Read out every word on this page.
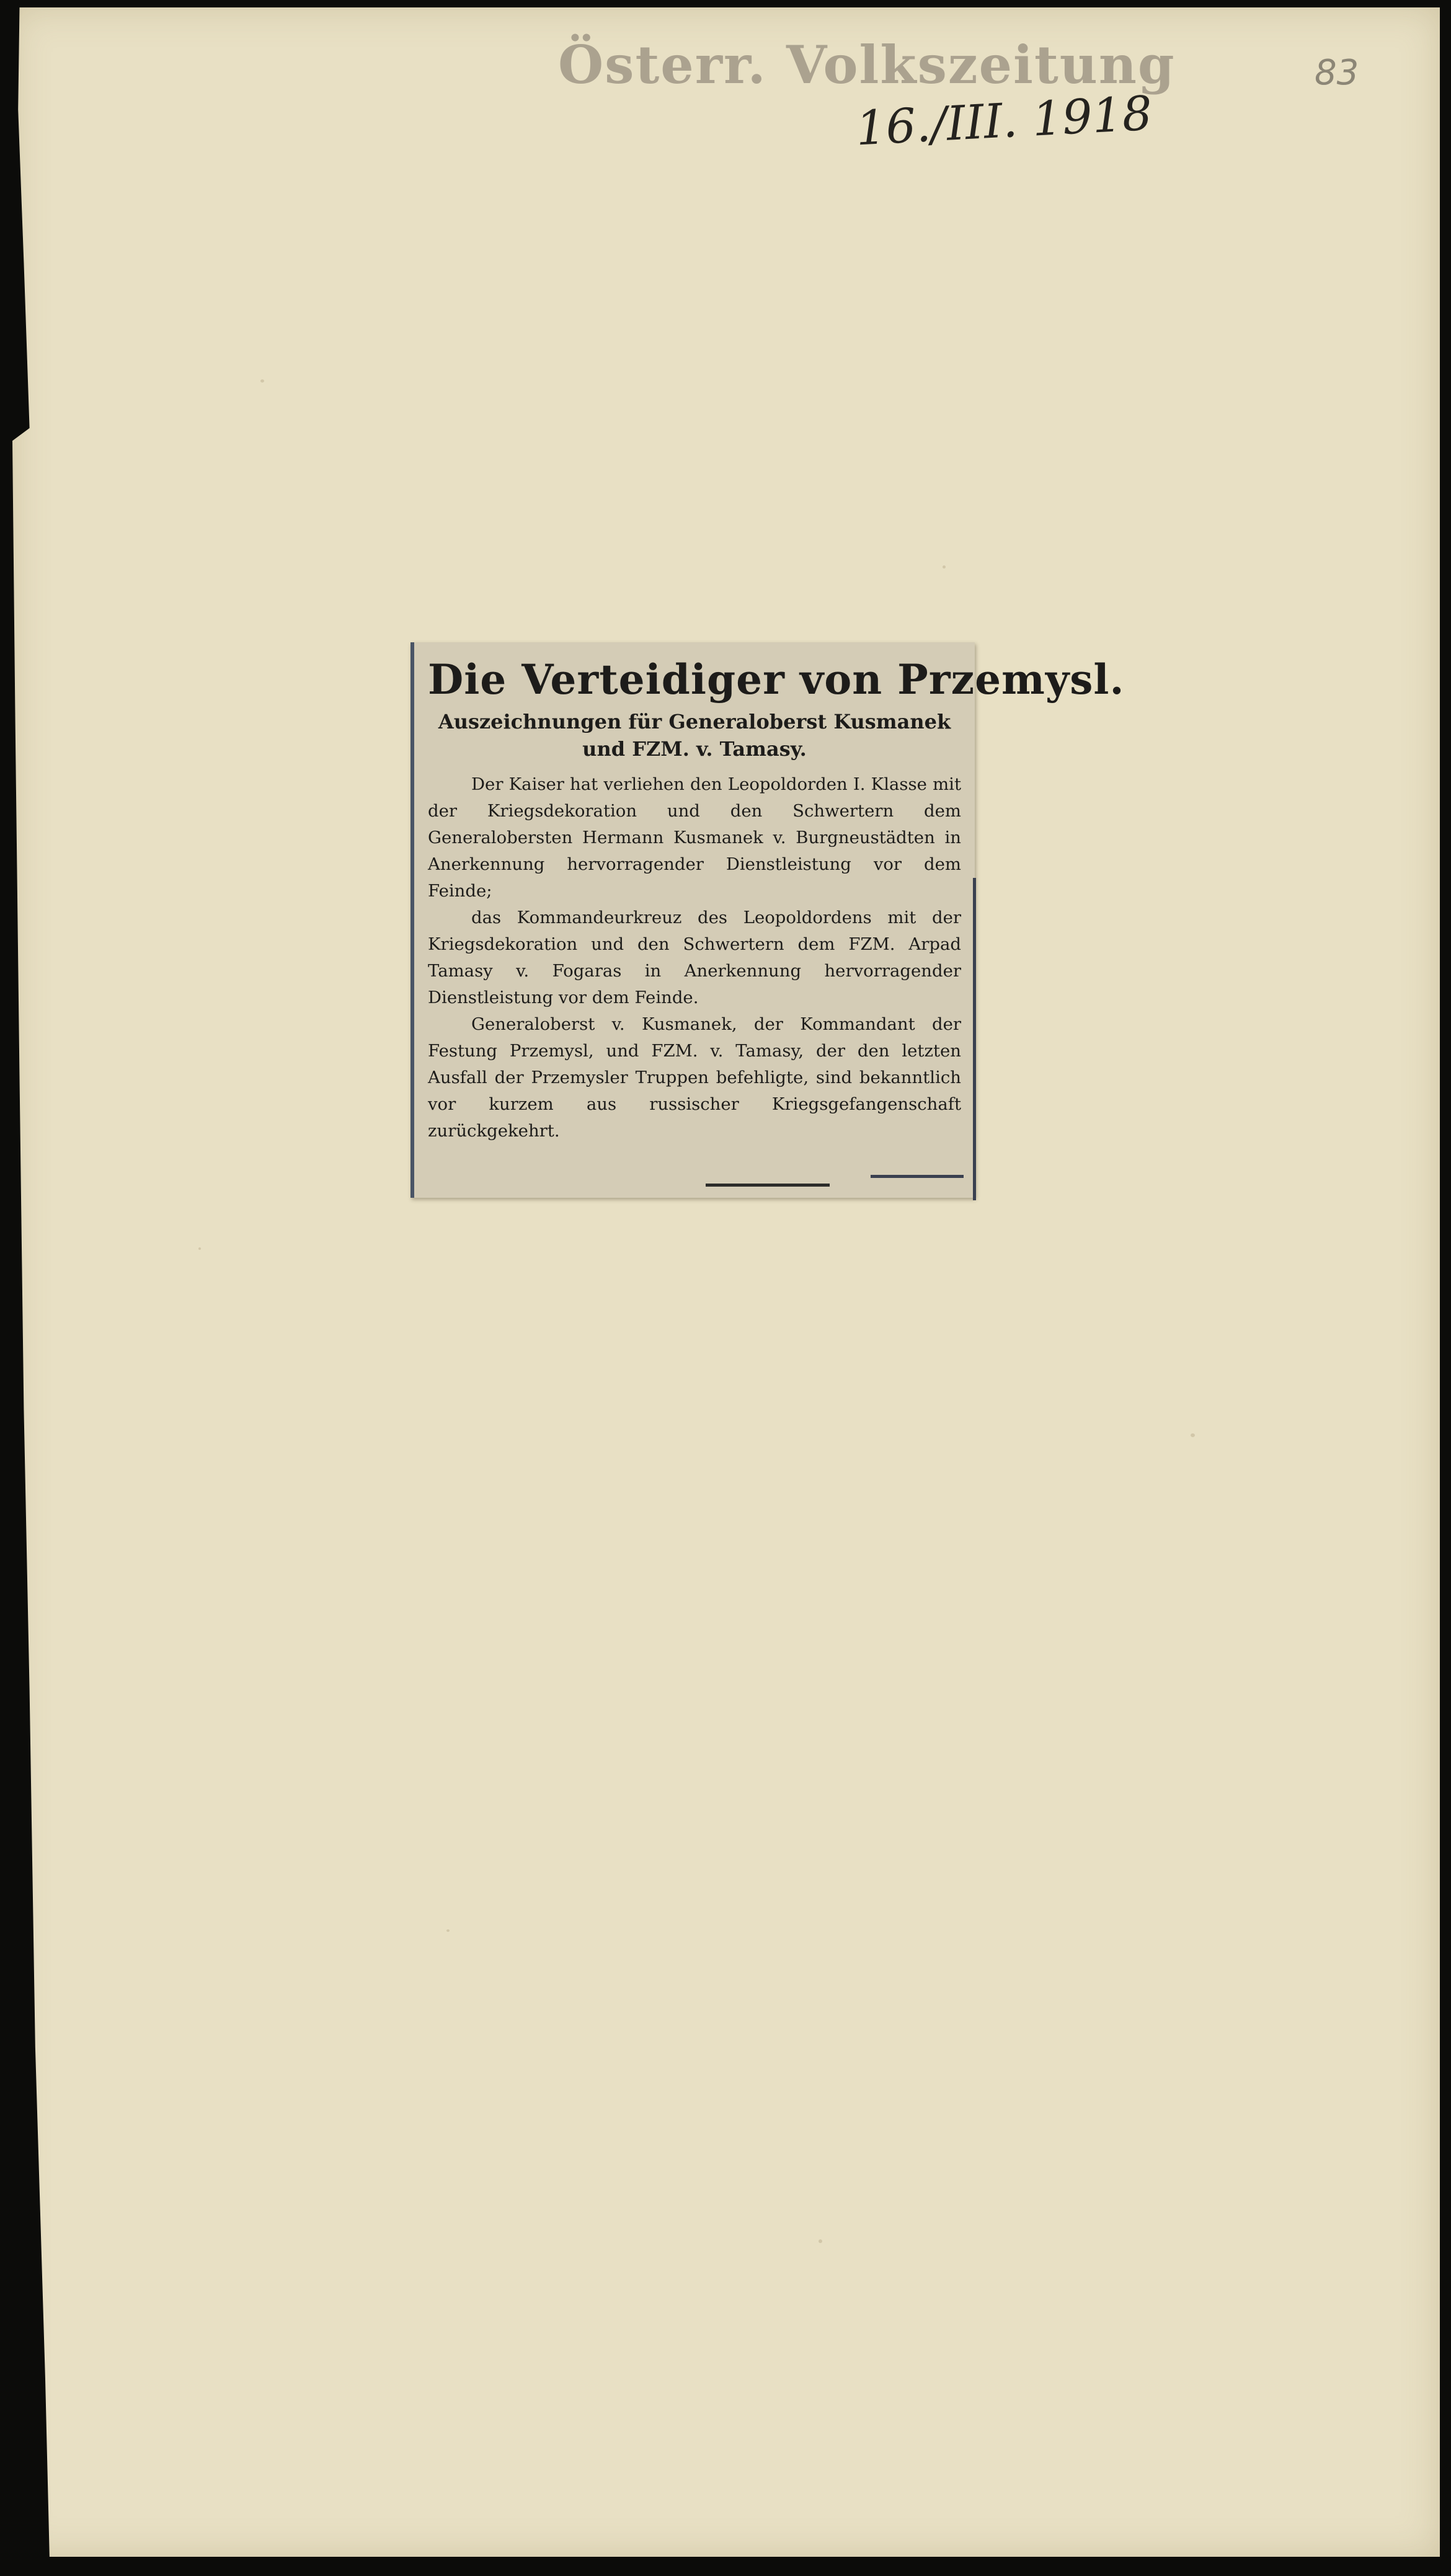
Österr. Volkszeitung
16./III. 1918
83
Die Verteidiger von Przemysl.
Auszeichnungen für Generaloberst Kusmanek und FZM. v. Tamasy.

Der Kaiser hat verliehen den Leopoldorden I. Klasse mit der Kriegsdekoration und den Schwertern dem Generalobersten Hermann Kusmanek v. Burgneustädten in Anerkennung hervorragender Dienstleistung vor dem Feinde;

das Kommandeurkreuz des Leopoldordens mit der Kriegsdekoration und den Schwertern dem FZM. Arpad Tamasy v. Fogaras in Anerkennung hervorragender Dienstleistung vor dem Feinde.

Generaloberst v. Kusmanek, der Kommandant der Festung Przemysl, und FZM. v. Tamasy, der den letzten Ausfall der Przemysler Truppen befehligte, sind bekanntlich vor kurzem aus russischer Kriegsgefangenschaft zurückgekehrt.
